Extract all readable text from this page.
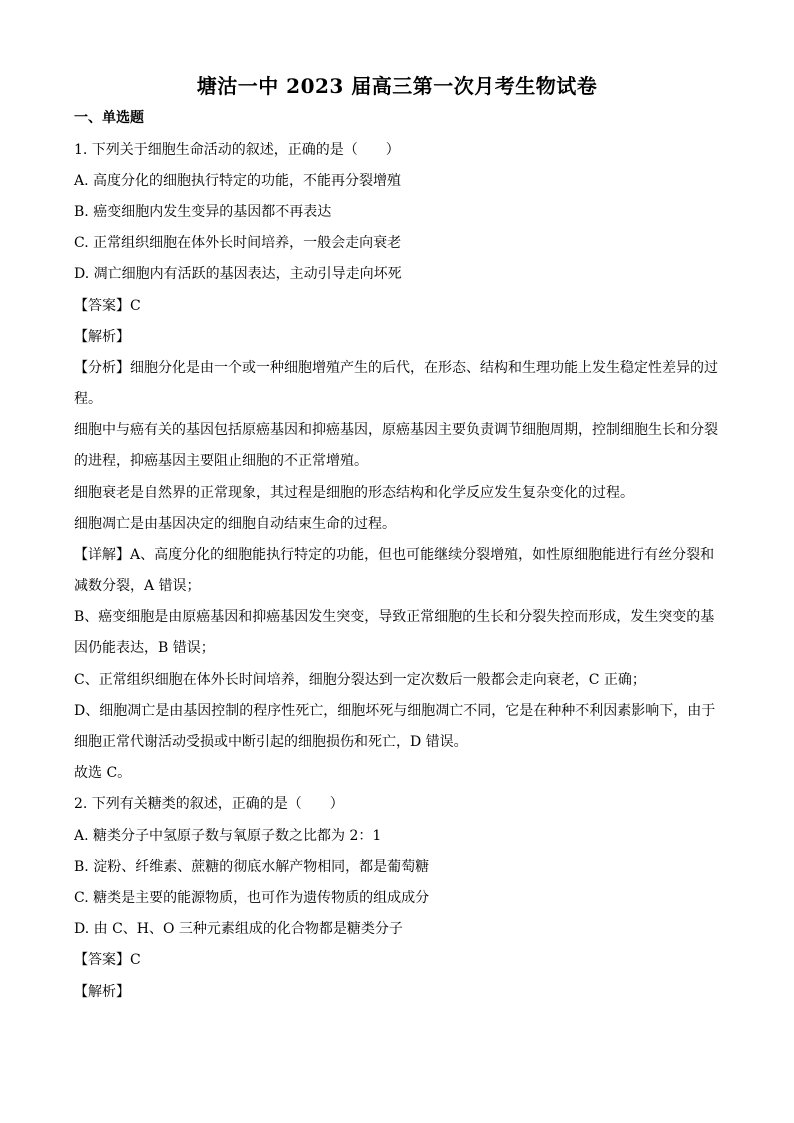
塘沽一中 2023 届高三第一次月考生物试卷
一、单选题
1. 下列关于细胞生命活动的叙述，正确的是（　　）
A. 高度分化的细胞执行特定的功能，不能再分裂增殖
B. 癌变细胞内发生变异的基因都不再表达
C. 正常组织细胞在体外长时间培养，一般会走向衰老
D. 凋亡细胞内有活跃的基因表达，主动引导走向坏死
【答案】C
【解析】
【分析】细胞分化是由一个或一种细胞增殖产生的后代，在形态、结构和生理功能上发生稳定性差异的过
程。
细胞中与癌有关的基因包括原癌基因和抑癌基因，原癌基因主要负责调节细胞周期，控制细胞生长和分裂
的进程，抑癌基因主要阻止细胞的不正常增殖。
细胞衰老是自然界的正常现象，其过程是细胞的形态结构和化学反应发生复杂变化的过程。
细胞凋亡是由基因决定的细胞自动结束生命的过程。
【详解】A、高度分化的细胞能执行特定的功能，但也可能继续分裂增殖，如性原细胞能进行有丝分裂和
减数分裂，A 错误；
B、癌变细胞是由原癌基因和抑癌基因发生突变，导致正常细胞的生长和分裂失控而形成，发生突变的基
因仍能表达，B 错误；
C、正常组织细胞在体外长时间培养，细胞分裂达到一定次数后一般都会走向衰老，C 正确；
D、细胞凋亡是由基因控制的程序性死亡，细胞坏死与细胞凋亡不同，它是在种种不利因素影响下，由于
细胞正常代谢活动受损或中断引起的细胞损伤和死亡，D 错误。
故选 C。
2. 下列有关糖类的叙述，正确的是（　　）
A. 糖类分子中氢原子数与氧原子数之比都为 2：1
B. 淀粉、纤维素、蔗糖的彻底水解产物相同，都是葡萄糖
C. 糖类是主要的能源物质，也可作为遗传物质的组成成分
D. 由 C、H、O 三种元素组成的化合物都是糖类分子
【答案】C
【解析】
